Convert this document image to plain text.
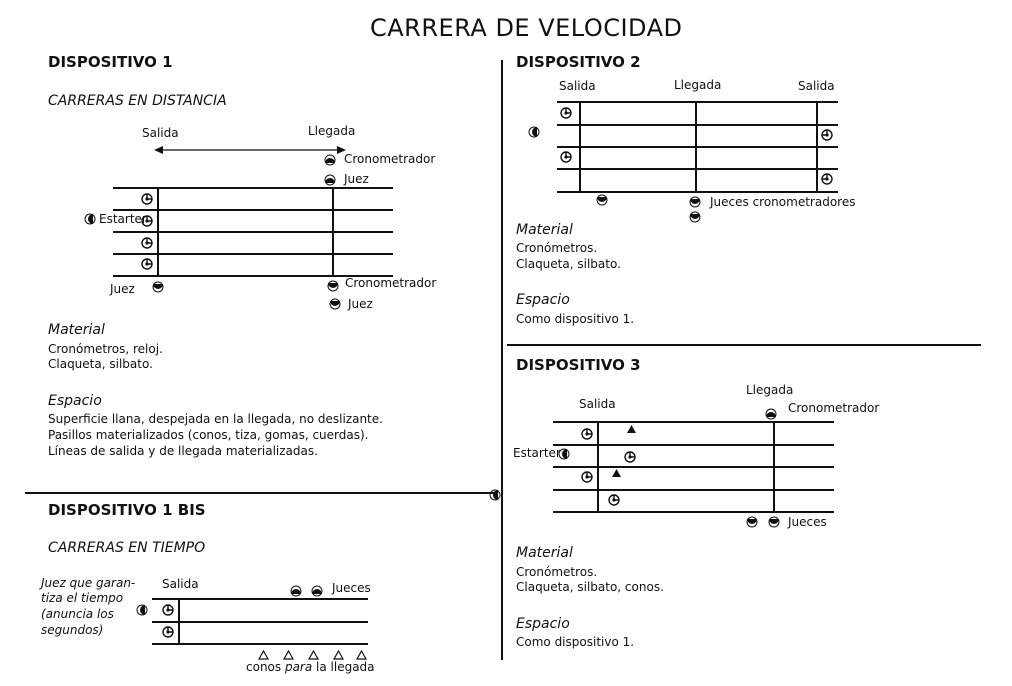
CARRERA DE VELOCIDAD
DISPOSITIVO 1
CARRERAS EN DISTANCIA
Salida	Llegada
Cronometrador
Juez
Estarter
Juez	Cronometrador
Juez
Material
Cronómetros, reloj.
Claqueta, silbato.
Espacio
Superficie llana, despejada en la llegada, no deslizante.
Pasillos materializados (conos, tiza, gomas, cuerdas).
Líneas de salida y de llegada materializadas.
DISPOSITIVO 1 BIS
CARRERAS EN TIEMPO
Juez que garan-
tiza el tiempo
(anuncia los
segundos)
Salida	Jueces
conos para la llegada
DISPOSITIVO 2
Salida	Llegada	Salida
Jueces cronometradores
Material
Cronómetros.
Claqueta, silbato.
Espacio
Como dispositivo 1.
DISPOSITIVO 3
Llegada
Salida	Cronometrador
Estarter
Jueces
Material
Cronómetros.
Claqueta, silbato, conos.
Espacio
Como dispositivo 1.
